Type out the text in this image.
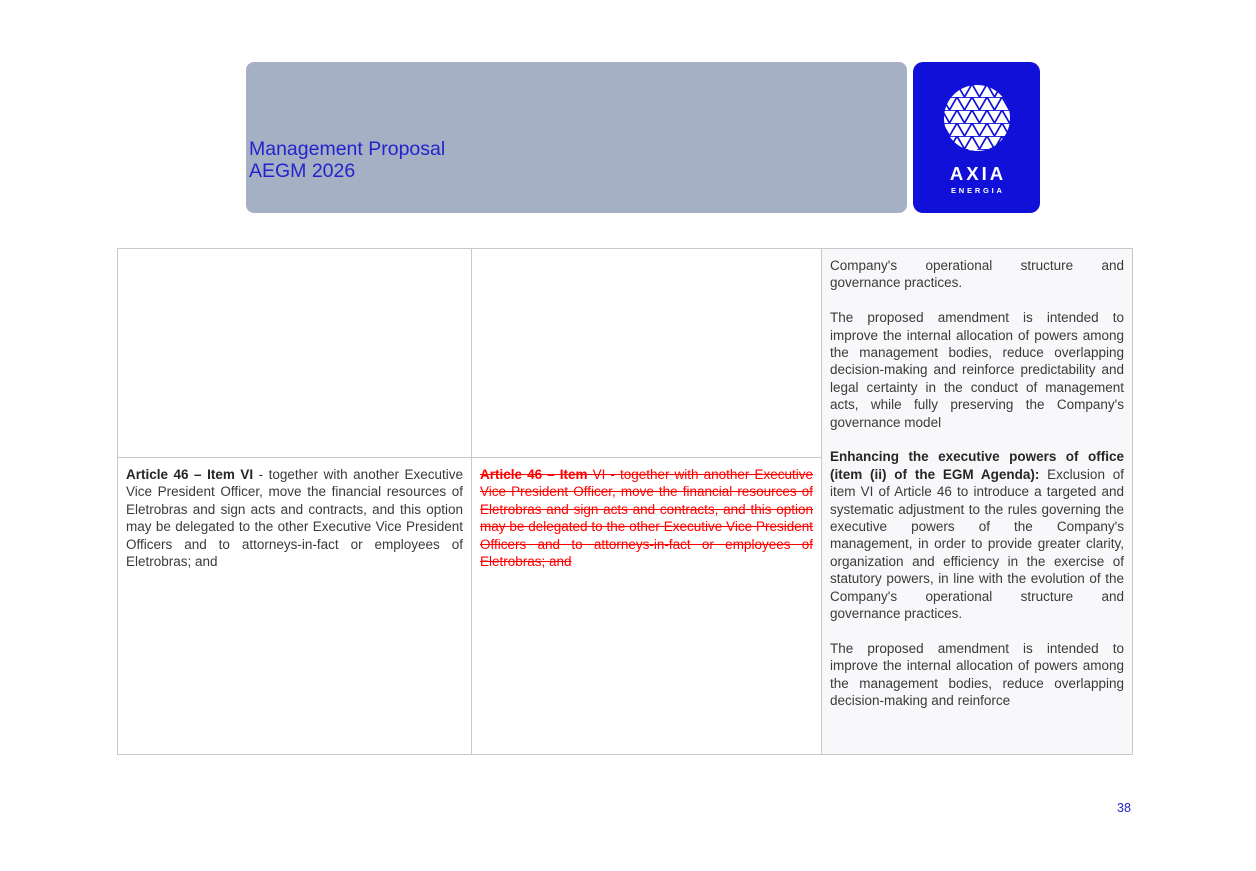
Management Proposal
AEGM 2026	AXIA
ENERGIA

Company's operational structure and governance practices.

The proposed amendment is intended to improve the internal allocation of powers among the management bodies, reduce overlapping decision-making and reinforce predictability and legal certainty in the conduct of management acts, while fully preserving the Company's governance model

Enhancing the executive powers of office (item (ii) of the EGM Agenda): Exclusion of item VI of Article 46 to introduce a targeted and systematic adjustment to the rules governing the executive powers of the Company's management, in order to provide greater clarity, organization and efficiency in the exercise of statutory powers, in line with the evolution of the Company's operational structure and governance practices.

The proposed amendment is intended to improve the internal allocation of powers among the management bodies, reduce overlapping decision-making and reinforce

Article 46 – Item VI - together with another Executive Vice President Officer, move the financial resources of Eletrobras and sign acts and contracts, and this option may be delegated to the other Executive Vice President Officers and to attorneys-in-fact or employees of Eletrobras; and

Article 46 – Item VI - together with another Executive Vice President Officer, move the financial resources of Eletrobras and sign acts and contracts, and this option may be delegated to the other Executive Vice President Officers and to attorneys-in-fact or employees of Eletrobras; and

38
